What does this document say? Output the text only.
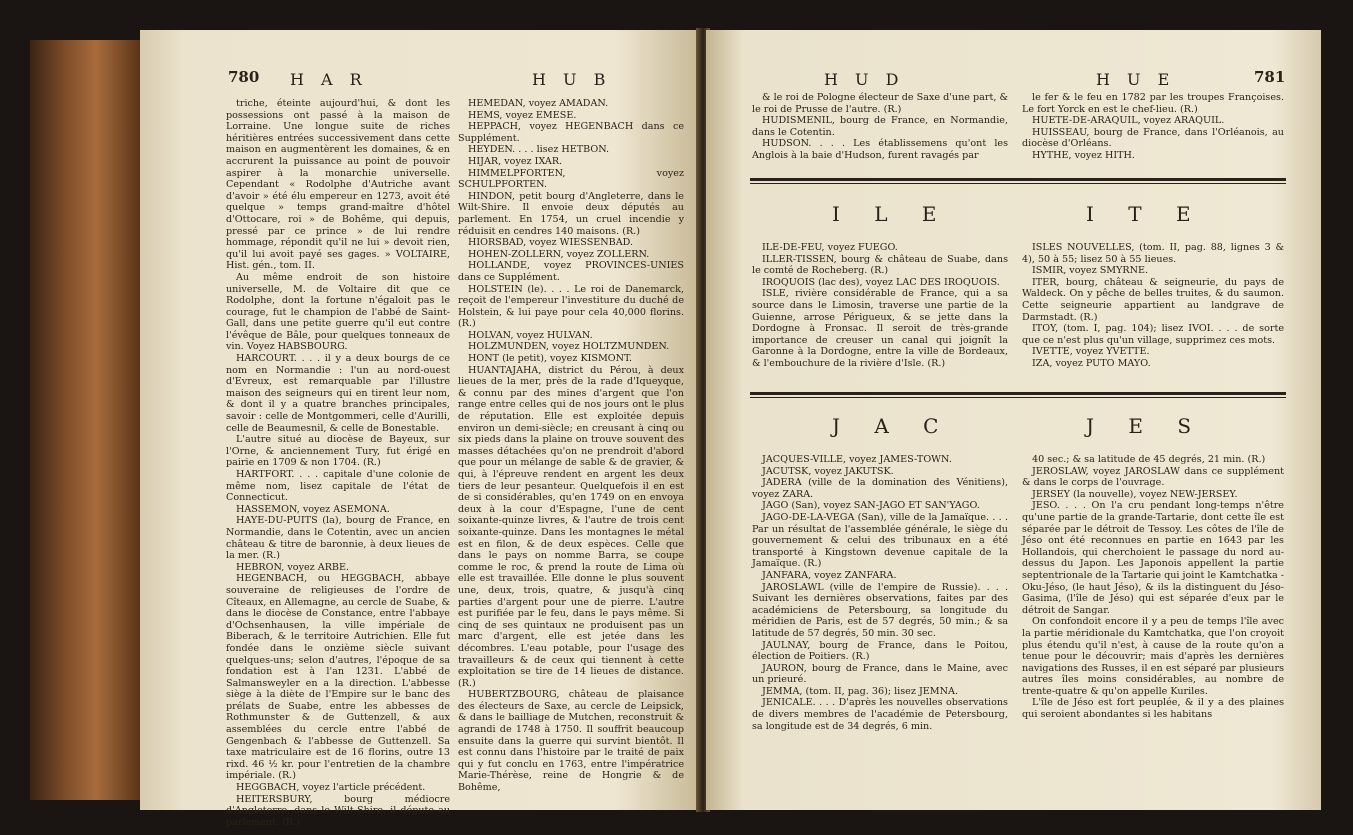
780 H A R	H U B

triche, éteinte aujourd'hui, & dont les possessions ont passé à la maison de Lorraine. Une longue suite de riches héritières entrées successivement dans cette maison en augmentèrent les domaines, & en accrurent la puissance au point de pouvoir aspirer à la monarchie universelle. Cependant « Rodolphe d'Autriche avant d'avoir » été élu empereur en 1273, avoit été quelque » temps grand-maître d'hôtel d'Ottocare, roi » de Bohême, qui depuis, pressé par ce prince » de lui rendre hommage, répondit qu'il ne lui » devoit rien, qu'il lui avoit payé ses gages. » VOLTAIRE, Hist. gén., tom. II.

Au même endroit de son histoire universelle, M. de Voltaire dit que ce Rodolphe, dont la fortune n'égaloit pas le courage, fut le champion de l'abbé de Saint-Gall, dans une petite guerre qu'il eut contre l'évêque de Bâle, pour quelques tonneaux de vin. Voyez HABSBOURG.

HARCOURT. . . . il y a deux bourgs de ce nom en Normandie : l'un au nord-ouest d'Evreux, est remarquable par l'illustre maison des seigneurs qui en tirent leur nom, & dont il y a quatre branches principales, savoir : celle de Montgommeri, celle d'Aurilli, celle de Beaumesnil, & celle de Bonestable.

L'autre situé au diocèse de Bayeux, sur l'Orne, & anciennement Tury, fut érigé en pairie en 1709 & non 1704. (R.)

HARTFORT. . . . capitale d'une colonie de même nom, lisez capitale de l'état de Connecticut.

HASSEMON, voyez ASEMONA.

HAYE-DU-PUITS (la), bourg de France, en Normandie, dans le Cotentin, avec un ancien château & titre de baronnie, à deux lieues de la mer. (R.)

HEBRON, voyez ARBE.

HEGENBACH, ou HEGGBACH, abbaye souveraine de religieuses de l'ordre de Cîteaux, en Allemagne, au cercle de Suabe, & dans le diocèse de Constance, entre l'abbaye d'Ochsenhausen, la ville impériale de Biberach, & le territoire Autrichien. Elle fut fondée dans le onzième siècle suivant quelques-uns; selon d'autres, l'époque de sa fondation est à l'an 1231. L'abbé de Salmansweyler en a la direction. L'abbesse siège à la diète de l'Empire sur le banc des prélats de Suabe, entre les abbesses de Rothmunster & de Guttenzell, & aux assemblées du cercle entre l'abbé de Gengenbach & l'abbesse de Guttenzell. Sa taxe matriculaire est de 16 florins, outre 13 rixd. 46 ½ kr. pour l'entretien de la chambre impériale. (R.)

HEGGBACH, voyez l'article précédent.

HEITERSBURY, bourg médiocre d'Angleterre, dans le Wilt-Shire, il députe au parlement. (R.)

HEMEDAN, voyez AMADAN.

HEMS, voyez EMESE.

HEPPACH, voyez HEGENBACH dans ce Supplément.

HEYDEN. . . . lisez HETBON.

HIJAR, voyez IXAR.

HIMMELPFORTEN, voyez SCHULPFORTEN.

HINDON, petit bourg d'Angleterre, dans le Wilt-Shire. Il envoie deux députés au parlement. En 1754, un cruel incendie y réduisit en cendres 140 maisons. (R.)

HIORSBAD, voyez WIESSENBAD.

HOHEN-ZOLLERN, voyez ZOLLERN.

HOLLANDE, voyez PROVINCES-UNIES dans ce Supplément.

HOLSTEIN (le). . . . Le roi de Danemarck, reçoit de l'empereur l'investiture du duché de Holstein, & lui paye pour cela 40,000 florins. (R.)

HOLVAN, voyez HULVAN.

HOLZMUNDEN, voyez HOLTZMUNDEN.

HONT (le petit), voyez KISMONT.

HUANTAJAHA, district du Pérou, à deux lieues de la mer, près de la rade d'Iqueyque, & connu par des mines d'argent que l'on range entre celles qui de nos jours ont le plus de réputation. Elle est exploitée depuis environ un demi-siècle; en creusant à cinq ou six pieds dans la plaine on trouve souvent des masses détachées qu'on ne prendroit d'abord que pour un mélange de sable & de gravier, & qui, à l'épreuve rendent en argent les deux tiers de leur pesanteur. Quelquefois il en est de si considérables, qu'en 1749 on en envoya deux à la cour d'Espagne, l'une de cent soixante-quinze livres, & l'autre de trois cent soixante-quinze. Dans les montagnes le métal est en filon, & de deux espèces. Celle que dans le pays on nomme Barra, se coupe comme le roc, & prend la route de Lima où elle est travaillée. Elle donne le plus souvent une, deux, trois, quatre, & jusqu'à cinq parties d'argent pour une de pierre. L'autre est purifiée par le feu, dans le pays même. Si cinq de ses quintaux ne produisent pas un marc d'argent, elle est jetée dans les décombres. L'eau potable, pour l'usage des travailleurs & de ceux qui tiennent à cette exploitation se tire de 14 lieues de distance. (R.)

HUBERTZBOURG, château de plaisance des électeurs de Saxe, au cercle de Leipsick, & dans le bailliage de Mutchen, reconstruit & agrandi de 1748 à 1750. Il souffrit beaucoup ensuite dans la guerre qui survint bientôt. Il est connu dans l'histoire par le traité de paix qui y fut conclu en 1763, entre l'impératrice Marie-Thérèse, reine de Hongrie & de Bohême,

H U D	H U E	781

& le roi de Pologne électeur de Saxe d'une part, & le roi de Prusse de l'autre. (R.)

HUDISMENIL, bourg de France, en Normandie, dans le Cotentin.

HUDSON. . . . Les établissemens qu'ont les Anglois à la baie d'Hudson, furent ravagés par

le fer & le feu en 1782 par les troupes Françoises. Le fort Yorck en est le chef-lieu. (R.)

HUETE-DE-ARAQUIL, voyez ARAQUIL.

HUISSEAU, bourg de France, dans l'Orléanois, au diocèse d'Orléans.

HYTHE, voyez HITH.

I L E	I T E

ILE-DE-FEU, voyez FUEGO.

ILLER-TISSEN, bourg & château de Suabe, dans le comté de Rocheberg. (R.)

IROQUOIS (lac des), voyez LAC DES IROQUOIS.

ISLE, rivière considérable de France, qui a sa source dans le Limosin, traverse une partie de la Guienne, arrose Périgueux, & se jette dans la Dordogne à Fronsac. Il seroit de très-grande importance de creuser un canal qui joignît la Garonne à la Dordogne, entre la ville de Bordeaux, & l'embouchure de la rivière d'Isle. (R.)

ISLES NOUVELLES, (tom. II, pag. 88, lignes 3 & 4), 50 à 55; lisez 50 à 55 lieues.

ISMIR, voyez SMYRNE.

ITER, bourg, château & seigneurie, du pays de Waldeck. On y pêche de belles truites, & du saumon. Cette seigneurie appartient au landgrave de Darmstadt. (R.)

ITOY, (tom. I, pag. 104); lisez IVOI. . . . de sorte que ce n'est plus qu'un village, supprimez ces mots.

IVETTE, voyez YVETTE.

IZA, voyez PUTO MAYO.

J A C	J E S

JACQUES-VILLE, voyez JAMES-TOWN.

JACUTSK, voyez JAKUTSK.

JADERA (ville de la domination des Vénitiens), voyez ZARA.

JAGO (San), voyez SAN-JAGO ET SAN'YAGO.

JAGO-DE-LA-VEGA (San), ville de la Jamaïque. . . . Par un résultat de l'assemblée générale, le siège du gouvernement & celui des tribunaux en a été transporté à Kingstown devenue capitale de la Jamaïque. (R.)

JANFARA, voyez ZANFARA.

JAROSLAWL (ville de l'empire de Russie). . . . Suivant les dernières observations, faites par des académiciens de Petersbourg, sa longitude du méridien de Paris, est de 57 degrés, 50 min.; & sa latitude de 57 degrés, 50 min. 30 sec.

JAULNAY, bourg de France, dans le Poitou, élection de Poitiers. (R.)

JAURON, bourg de France, dans le Maine, avec un prieuré.

JEMMA, (tom. II, pag. 36); lisez JEMNA.

JENICALE. . . . D'après les nouvelles observations de divers membres de l'académie de Petersbourg, sa longitude est de 34 degrés, 6 min.

40 sec.; & sa latitude de 45 degrés, 21 min. (R.)

JEROSLAW, voyez JAROSLAW dans ce supplément & dans le corps de l'ouvrage.

JERSEY (la nouvelle), voyez NEW-JERSEY.

JESO. . . . On l'a cru pendant long-temps n'être qu'une partie de la grande-Tartarie, dont cette île est séparée par le détroit de Tessoy. Les côtes de l'île de Jéso ont été reconnues en partie en 1643 par les Hollandois, qui cherchoient le passage du nord au-dessus du Japon. Les Japonois appellent la partie septentrionale de la Tartarie qui joint le Kamtchatka - Oku-Jéso, (le haut Jéso), & ils la distinguent du Jéso-Gasima, (l'île de Jéso) qui est séparée d'eux par le détroit de Sangar.

On confondoit encore il y a peu de temps l'île avec la partie méridionale du Kamtchatka, que l'on croyoit plus étendu qu'il n'est, à cause de la route qu'on a tenue pour le découvrir; mais d'après les dernières navigations des Russes, il en est séparé par plusieurs autres îles moins considérables, au nombre de trente-quatre & qu'on appelle Kuriles.

L'île de Jéso est fort peuplée, & il y a des plaines qui seroient abondantes si les habitans
